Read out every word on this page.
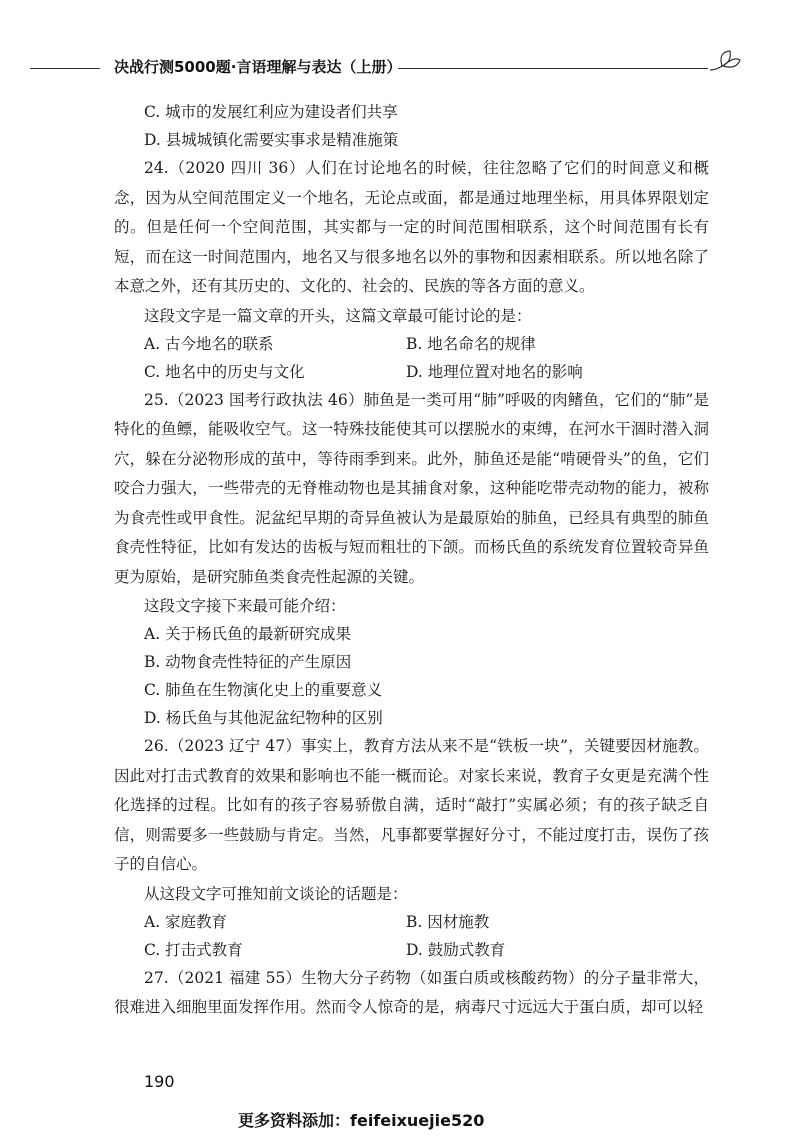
决战行测5000题·言语理解与表达（上册）
C. 城市的发展红利应为建设者们共享
D. 县城城镇化需要实事求是精准施策
24.（2020 四川 36）人们在讨论地名的时候，往往忽略了它们的时间意义和概念，因为从空间范围定义一个地名，无论点或面，都是通过地理坐标，用具体界限划定的。但是任何一个空间范围，其实都与一定的时间范围相联系，这个时间范围有长有短，而在这一时间范围内，地名又与很多地名以外的事物和因素相联系。所以地名除了本意之外，还有其历史的、文化的、社会的、民族的等各方面的意义。
这段文字是一篇文章的开头，这篇文章最可能讨论的是：
A. 古今地名的联系	B. 地名命名的规律
C. 地名中的历史与文化	D. 地理位置对地名的影响
25.（2023 国考行政执法 46）肺鱼是一类可用“肺”呼吸的肉鳍鱼，它们的“肺”是特化的鱼鳔，能吸收空气。这一特殊技能使其可以摆脱水的束缚，在河水干涸时潜入洞穴，躲在分泌物形成的茧中，等待雨季到来。此外，肺鱼还是能“啃硬骨头”的鱼，它们咬合力强大，一些带壳的无脊椎动物也是其捕食对象，这种能吃带壳动物的能力，被称为食壳性或甲食性。泥盆纪早期的奇异鱼被认为是最原始的肺鱼，已经具有典型的肺鱼食壳性特征，比如有发达的齿板与短而粗壮的下颌。而杨氏鱼的系统发育位置较奇异鱼更为原始，是研究肺鱼类食壳性起源的关键。
这段文字接下来最可能介绍：
A. 关于杨氏鱼的最新研究成果
B. 动物食壳性特征的产生原因
C. 肺鱼在生物演化史上的重要意义
D. 杨氏鱼与其他泥盆纪物种的区别
26.（2023 辽宁 47）事实上，教育方法从来不是“铁板一块”，关键要因材施教。因此对打击式教育的效果和影响也不能一概而论。对家长来说，教育子女更是充满个性化选择的过程。比如有的孩子容易骄傲自满，适时“敲打”实属必须；有的孩子缺乏自信，则需要多一些鼓励与肯定。当然，凡事都要掌握好分寸，不能过度打击，误伤了孩子的自信心。
从这段文字可推知前文谈论的话题是：
A. 家庭教育	B. 因材施教
C. 打击式教育	D. 鼓励式教育
27.（2021 福建 55）生物大分子药物（如蛋白质或核酸药物）的分子量非常大，很难进入细胞里面发挥作用。然而令人惊奇的是，病毒尺寸远远大于蛋白质，却可以轻
190
更多资料添加：feifeixuejie520
